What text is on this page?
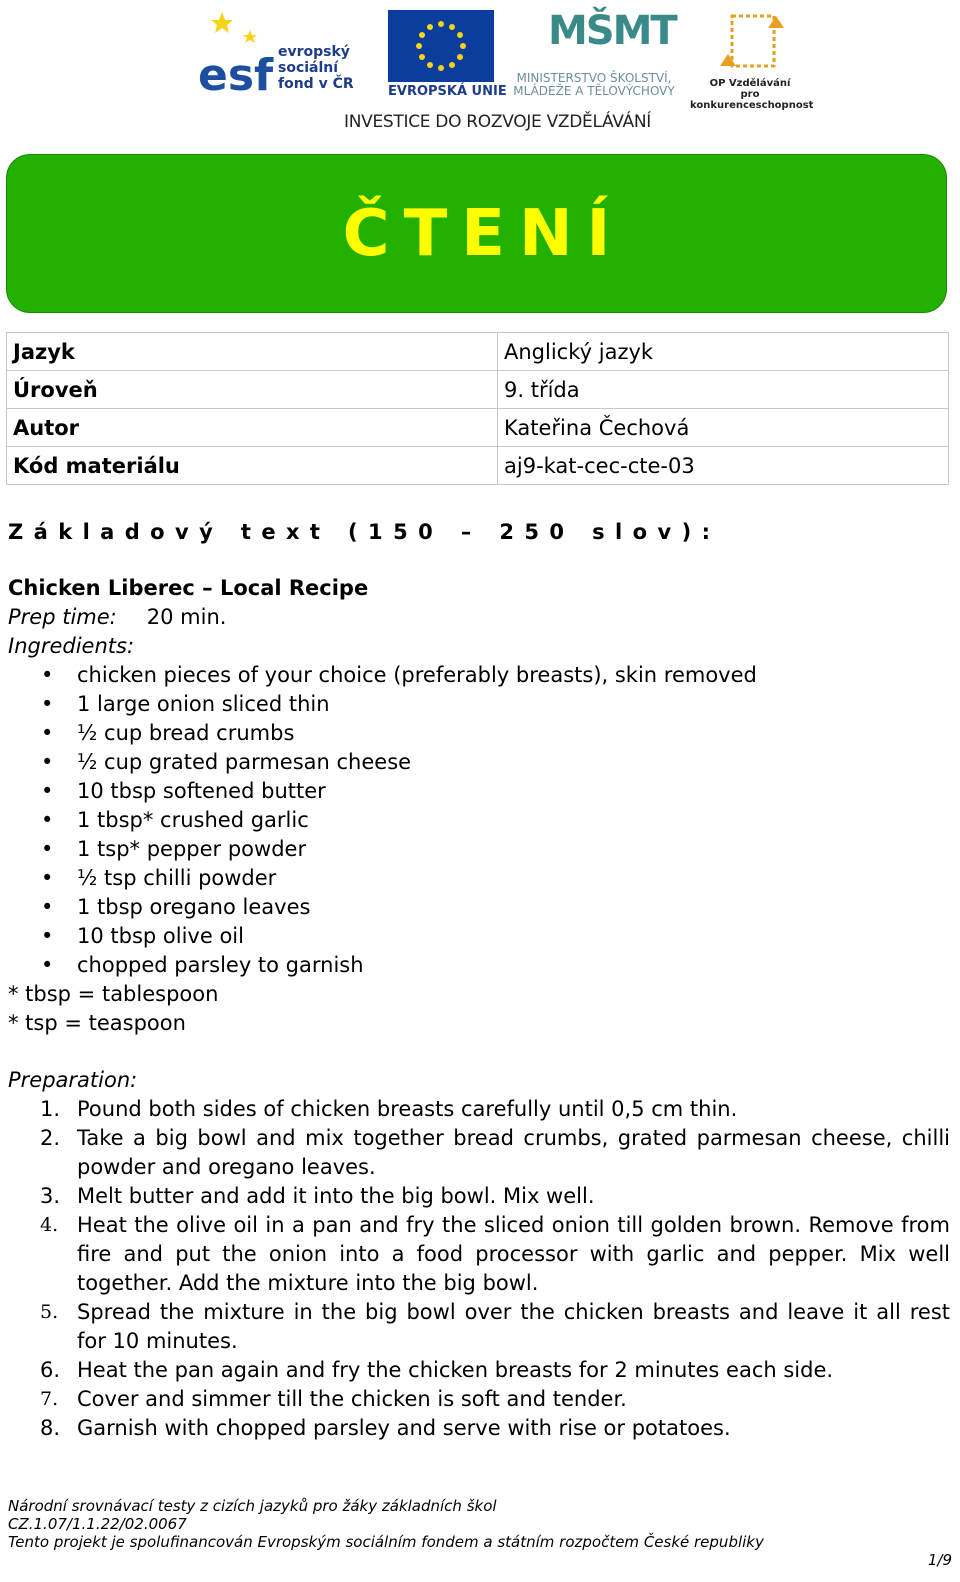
esf evropský
sociální
fond v ČR	EVROPSKÁ UNIE
MŠMT
MINISTERSTVO ŠKOLSTVÍ,
MLÁDEŽE A TĚLOVÝCHOVY
OP Vzdělávání
pro konkurenceschopnost
INVESTICE DO ROZVOJE VZDĚLÁVÁNÍ
ČTENÍ
Jazyk	Anglický jazyk
Úroveň	9. třída
Autor	Kateřina Čechová
Kód materiálu	aj9-kat-cec-cte-03
Základový text (150 – 250 slov):
Chicken Liberec – Local Recipe
Prep time: 20 min.
Ingredients:
• chicken pieces of your choice (preferably breasts), skin removed
• 1 large onion sliced thin
• ½ cup bread crumbs
• ½ cup grated parmesan cheese
• 10 tbsp softened butter
• 1 tbsp* crushed garlic
• 1 tsp* pepper powder
• ½ tsp chilli powder
• 1 tbsp oregano leaves
• 10 tbsp olive oil
• chopped parsley to garnish
* tbsp = tablespoon
* tsp = teaspoon
Preparation:
1. Pound both sides of chicken breasts carefully until 0,5 cm thin.
2. Take a big bowl and mix together bread crumbs, grated parmesan cheese, chilli powder and oregano leaves.
3. Melt butter and add it into the big bowl. Mix well.
4. Heat the olive oil in a pan and fry the sliced onion till golden brown. Remove from fire and put the onion into a food processor with garlic and pepper. Mix well together. Add the mixture into the big bowl.
5. Spread the mixture in the big bowl over the chicken breasts and leave it all rest for 10 minutes.
6. Heat the pan again and fry the chicken breasts for 2 minutes each side.
7. Cover and simmer till the chicken is soft and tender.
8. Garnish with chopped parsley and serve with rise or potatoes.
Národní srovnávací testy z cizích jazyků pro žáky základních škol
CZ.1.07/1.1.22/02.0067
Tento projekt je spolufinancován Evropským sociálním fondem a státním rozpočtem České republiky
1/9
